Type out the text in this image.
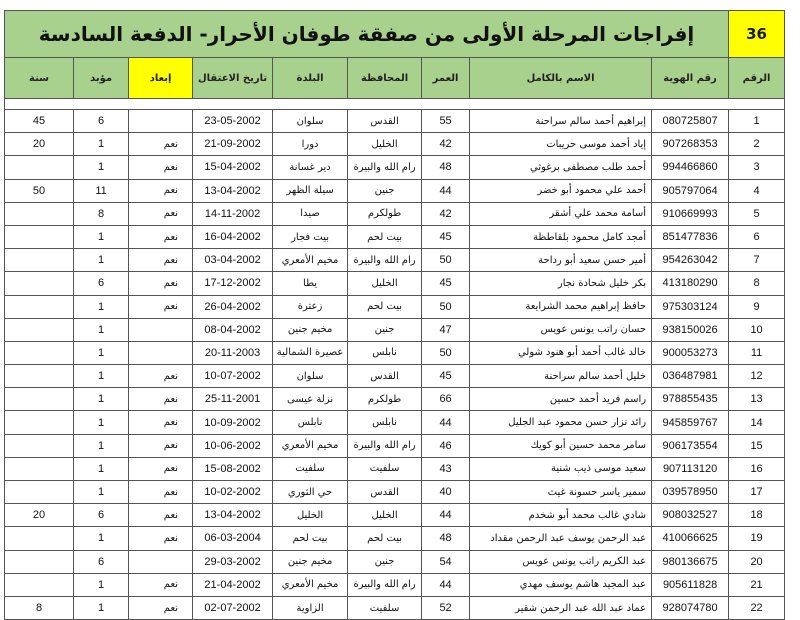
36	إفراجات المرحلة الأولى من صفقة طوفان الأحرار- الدفعة السادسة								
الرقم	رقم الهوية	الاسم بالكامل	العمر	المحافظة	البلدة	تاريخ الاعتقال	إبعاد	مؤبد	سنة

1	080725807	إبراهيم أحمد سالم سراحنة	55	القدس	سلوان	23-05-2002		6	45
2	907268353	إياد أحمد موسى حريبات	42	الخليل	دورا	21-09-2002	نعم	1	20
3	994466860	أحمد طلب مصطفى برغوثي	48	رام الله والبيرة	دير غسانة	15-04-2002	نعم	1	
4	905797064	أحمد علي محمود أبو خضر	44	جنين	سيلة الظهر	13-04-2002	نعم	11	50
5	910669993	أسامة محمد علي أشقر	42	طولكرم	صيدا	14-11-2002	نعم	8	
6	851477836	أمجد كامل محمود بلقاطظة	45	بيت لحم	بيت فجار	16-04-2002	نعم	1	
7	954263042	أمير حسن سعيد أبو رداحة	50	رام الله والبيرة	مخيم الأمعري	03-04-2002	نعم	1	
8	413180290	بكر خليل شحادة نجار	45	الخليل	يطا	17-12-2002	نعم	6	
9	975303124	حافظ إبراهيم محمد الشرايعة	50	بيت لحم	زعترة	26-04-2002	نعم	1	
10	938150026	حسان راتب يونس عويس	47	جنين	مخيم جنين	08-04-2002		1	
11	900053273	خالد غالب أحمد أبو هنود شولي	50	نابلس	عصيرة الشمالية	20-11-2003		1	
12	036487981	خليل أحمد سالم سراحنة	45	القدس	سلوان	10-07-2002	نعم	1	
13	978855435	راسم فريد أحمد حسين	66	طولكرم	نزلة عيسى	25-11-2001	نعم	1	
14	945859767	رائد نزار حسن محمود عبد الجليل	44	نابلس	نابلس	10-09-2002	نعم	1	
15	906173554	سامر محمد حسين أبو كويك	46	رام الله والبيرة	مخيم الأمعري	10-06-2002	نعم	1	
16	907113120	سعيد موسى ذيب شنية	43	سلفيت	سلفيت	15-08-2002	نعم	1	
17	039578950	سمير ياسر حسونة غيث	40	القدس	حي الثوري	10-02-2002	نعم	1	
18	908032527	شادي غالب محمد أبو شخدم	44	الخليل	الخليل	13-04-2002	نعم	6	20
19	410066625	عبد الرحمن يوسف عبد الرحمن مقداد	48	بيت لحم	بيت لحم	06-03-2004	نعم	1	
20	980136675	عبد الكريم راتب يونس عويس	54	جنين	مخيم جنين	29-03-2002		6	
21	905611828	عبد المجيد هاشم يوسف مهدي	44	رام الله والبيرة	مخيم الأمعري	21-04-2002	نعم	1	
22	928074780	عماد عبد الله عبد الرحمن شقير	52	سلفيت	الزاوية	02-07-2002	نعم	1	8
